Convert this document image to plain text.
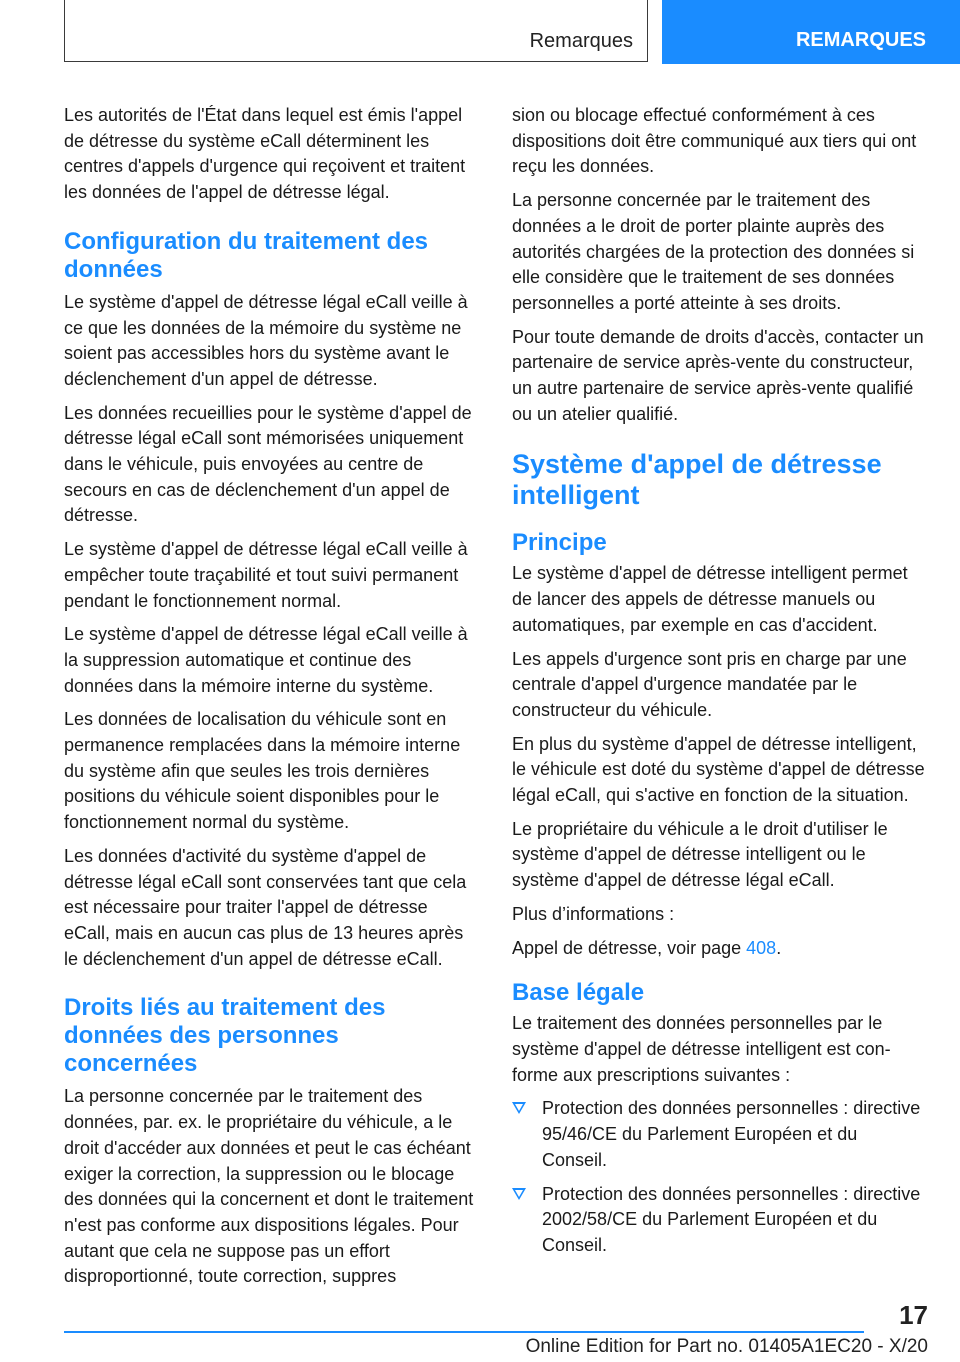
Remarques	REMARQUES

Les autorités de l'État dans lequel est émis l'appel de détresse du système eCall déterminent les centres d'appels d'urgence qui reçoivent et traitent les données de l'appel de détresse légal.

Configuration du traitement des données

Le système d'appel de détresse légal eCall veille à ce que les données de la mémoire du système ne soient pas accessibles hors du système avant le déclenchement d'un appel de détresse.

Les données recueillies pour le système d'appel de détresse légal eCall sont mémorisées uniquement dans le véhicule, puis envoyées au centre de secours en cas de déclenchement d'un appel de détresse.

Le système d'appel de détresse légal eCall veille à empêcher toute traçabilité et tout suivi permanent pendant le fonctionnement normal.

Le système d'appel de détresse légal eCall veille à la suppression automatique et continue des données dans la mémoire interne du système.

Les données de localisation du véhicule sont en permanence remplacées dans la mémoire interne du système afin que seules les trois dernières positions du véhicule soient disponibles pour le fonctionnement normal du système.

Les données d'activité du système d'appel de détresse légal eCall sont conservées tant que cela est nécessaire pour traiter l'appel de détresse eCall, mais en aucun cas plus de 13 heures après le déclenchement d'un appel de détresse eCall.

Droits liés au traitement des données des personnes concernées

La personne concernée par le traitement des données, par. ex. le propriétaire du véhicule, a le droit d'accéder aux données et peut le cas échéant exiger la correction, la suppression ou le blocage des données qui la concernent et dont le traitement n'est pas conforme aux dispositions légales. Pour autant que cela ne suppose pas un effort disproportionné, toute correction, suppres

sion ou blocage effectué conformément à ces dispositions doit être communiqué aux tiers qui ont reçu les données.

La personne concernée par le traitement des données a le droit de porter plainte auprès des autorités chargées de la protection des données si elle considère que le traitement de ses données personnelles a porté atteinte à ses droits.

Pour toute demande de droits d'accès, contacter un partenaire de service après-vente du constructeur, un autre partenaire de service après-vente qualifié ou un atelier qualifié.

Système d'appel de détresse intelligent
Principe

Le système d'appel de détresse intelligent permet de lancer des appels de détresse manuels ou automatiques, par exemple en cas d'accident.

Les appels d'urgence sont pris en charge par une centrale d'appel d'urgence mandatée par le constructeur du véhicule.

En plus du système d'appel de détresse intelligent, le véhicule est doté du système d'appel de détresse légal eCall, qui s'active en fonction de la situation.

Le propriétaire du véhicule a le droit d'utiliser le système d'appel de détresse intelligent ou le système d'appel de détresse légal eCall.

Plus d’informations :

Appel de détresse, voir page 408.

Base légale

Le traitement des données personnelles par le système d'appel de détresse intelligent est conforme aux prescriptions suivantes :

Protection des données personnelles : directive 95/46/CE du Parlement Européen et du Conseil.

Protection des données personnelles : directive 2002/58/CE du Parlement Européen et du Conseil.

17
Online Edition for Part no. 01405A1EC20 - X/20
